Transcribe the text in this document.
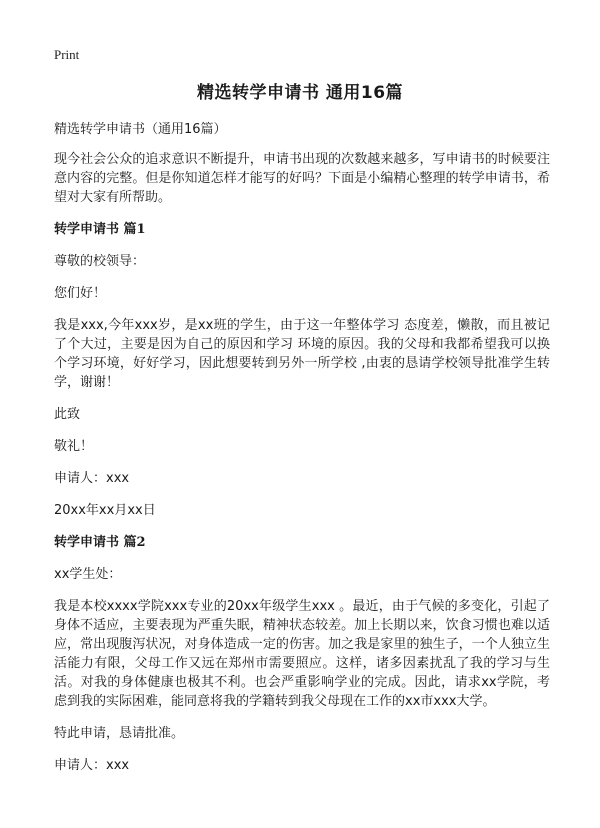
Print
精选转学申请书 通用16篇

精选转学申请书（通用16篇）

现今社会公众的追求意识不断提升，申请书出现的次数越来越多，写申请书的时候要注意内容的完整。但是你知道怎样才能写的好吗？下面是小编精心整理的转学申请书，希望对大家有所帮助。

转学申请书 篇1

尊敬的校领导：

您们好！

我是xxx,今年xxx岁，是xx班的学生，由于这一年整体学习 态度差，懒散，而且被记了个大过，主要是因为自己的原因和学习 环境的原因。我的父母和我都希望我可以换个学习环境，好好学习，因此想要转到另外一所学校 ,由衷的恳请学校领导批准学生转学，谢谢！

此致

敬礼！

申请人：xxx

20xx年xx月xx日

转学申请书 篇2

xx学生处：

我是本校xxxx学院xxx专业的20xx年级学生xxx 。最近，由于气候的多变化，引起了身体不适应，主要表现为严重失眠，精神状态较差。加上长期以来，饮食习惯也难以适应，常出现腹泻状况，对身体造成一定的伤害。加之我是家里的独生子，一个人独立生活能力有限，父母工作又远在郑州市需要照应。这样，诸多因素扰乱了我的学习与生活。对我的身体健康也极其不利。也会严重影响学业的完成。因此，请求xx学院，考虑到我的实际困难，能同意将我的学籍转到我父母现在工作的xx市xxx大学。

特此申请，恳请批准。

申请人：xxx
